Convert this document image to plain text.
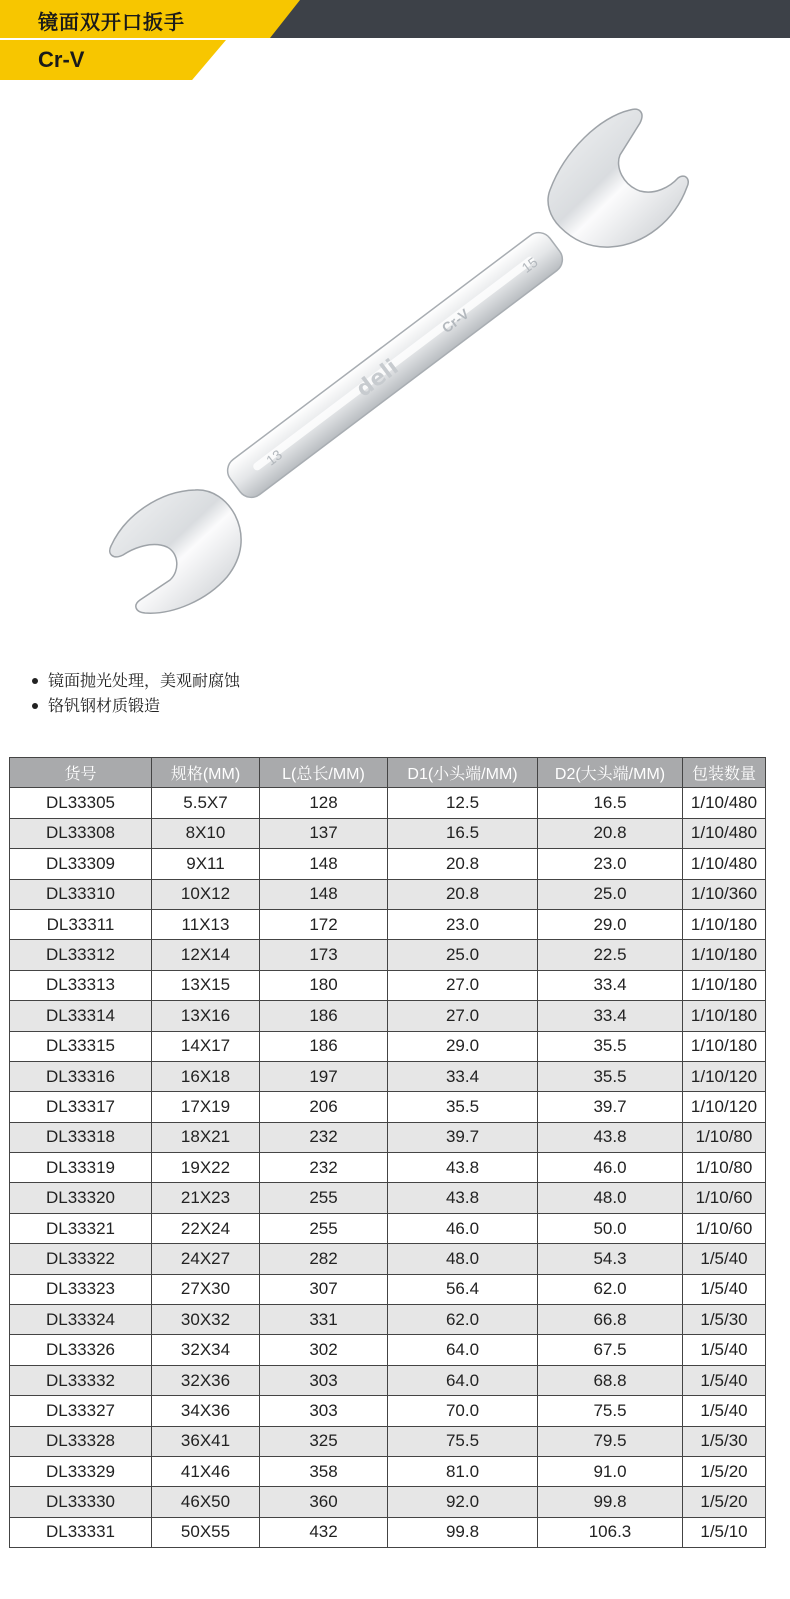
镜面双开口扳手
Cr-V
deli
Cr-V
13
15
镜面抛光处理，美观耐腐蚀
铬钒钢材质锻造
货号	规格(MM)	L(总长/MM)	D1(小头端/MM)	D2(大头端/MM)	包装数量
DL33305	5.5X7	128	12.5	16.5	1/10/480
DL33308	8X10	137	16.5	20.8	1/10/480
DL33309	9X11	148	20.8	23.0	1/10/480
DL33310	10X12	148	20.8	25.0	1/10/360
DL33311	11X13	172	23.0	29.0	1/10/180
DL33312	12X14	173	25.0	22.5	1/10/180
DL33313	13X15	180	27.0	33.4	1/10/180
DL33314	13X16	186	27.0	33.4	1/10/180
DL33315	14X17	186	29.0	35.5	1/10/180
DL33316	16X18	197	33.4	35.5	1/10/120
DL33317	17X19	206	35.5	39.7	1/10/120
DL33318	18X21	232	39.7	43.8	1/10/80
DL33319	19X22	232	43.8	46.0	1/10/80
DL33320	21X23	255	43.8	48.0	1/10/60
DL33321	22X24	255	46.0	50.0	1/10/60
DL33322	24X27	282	48.0	54.3	1/5/40
DL33323	27X30	307	56.4	62.0	1/5/40
DL33324	30X32	331	62.0	66.8	1/5/30
DL33326	32X34	302	64.0	67.5	1/5/40
DL33332	32X36	303	64.0	68.8	1/5/40
DL33327	34X36	303	70.0	75.5	1/5/40
DL33328	36X41	325	75.5	79.5	1/5/30
DL33329	41X46	358	81.0	91.0	1/5/20
DL33330	46X50	360	92.0	99.8	1/5/20
DL33331	50X55	432	99.8	106.3	1/5/10
